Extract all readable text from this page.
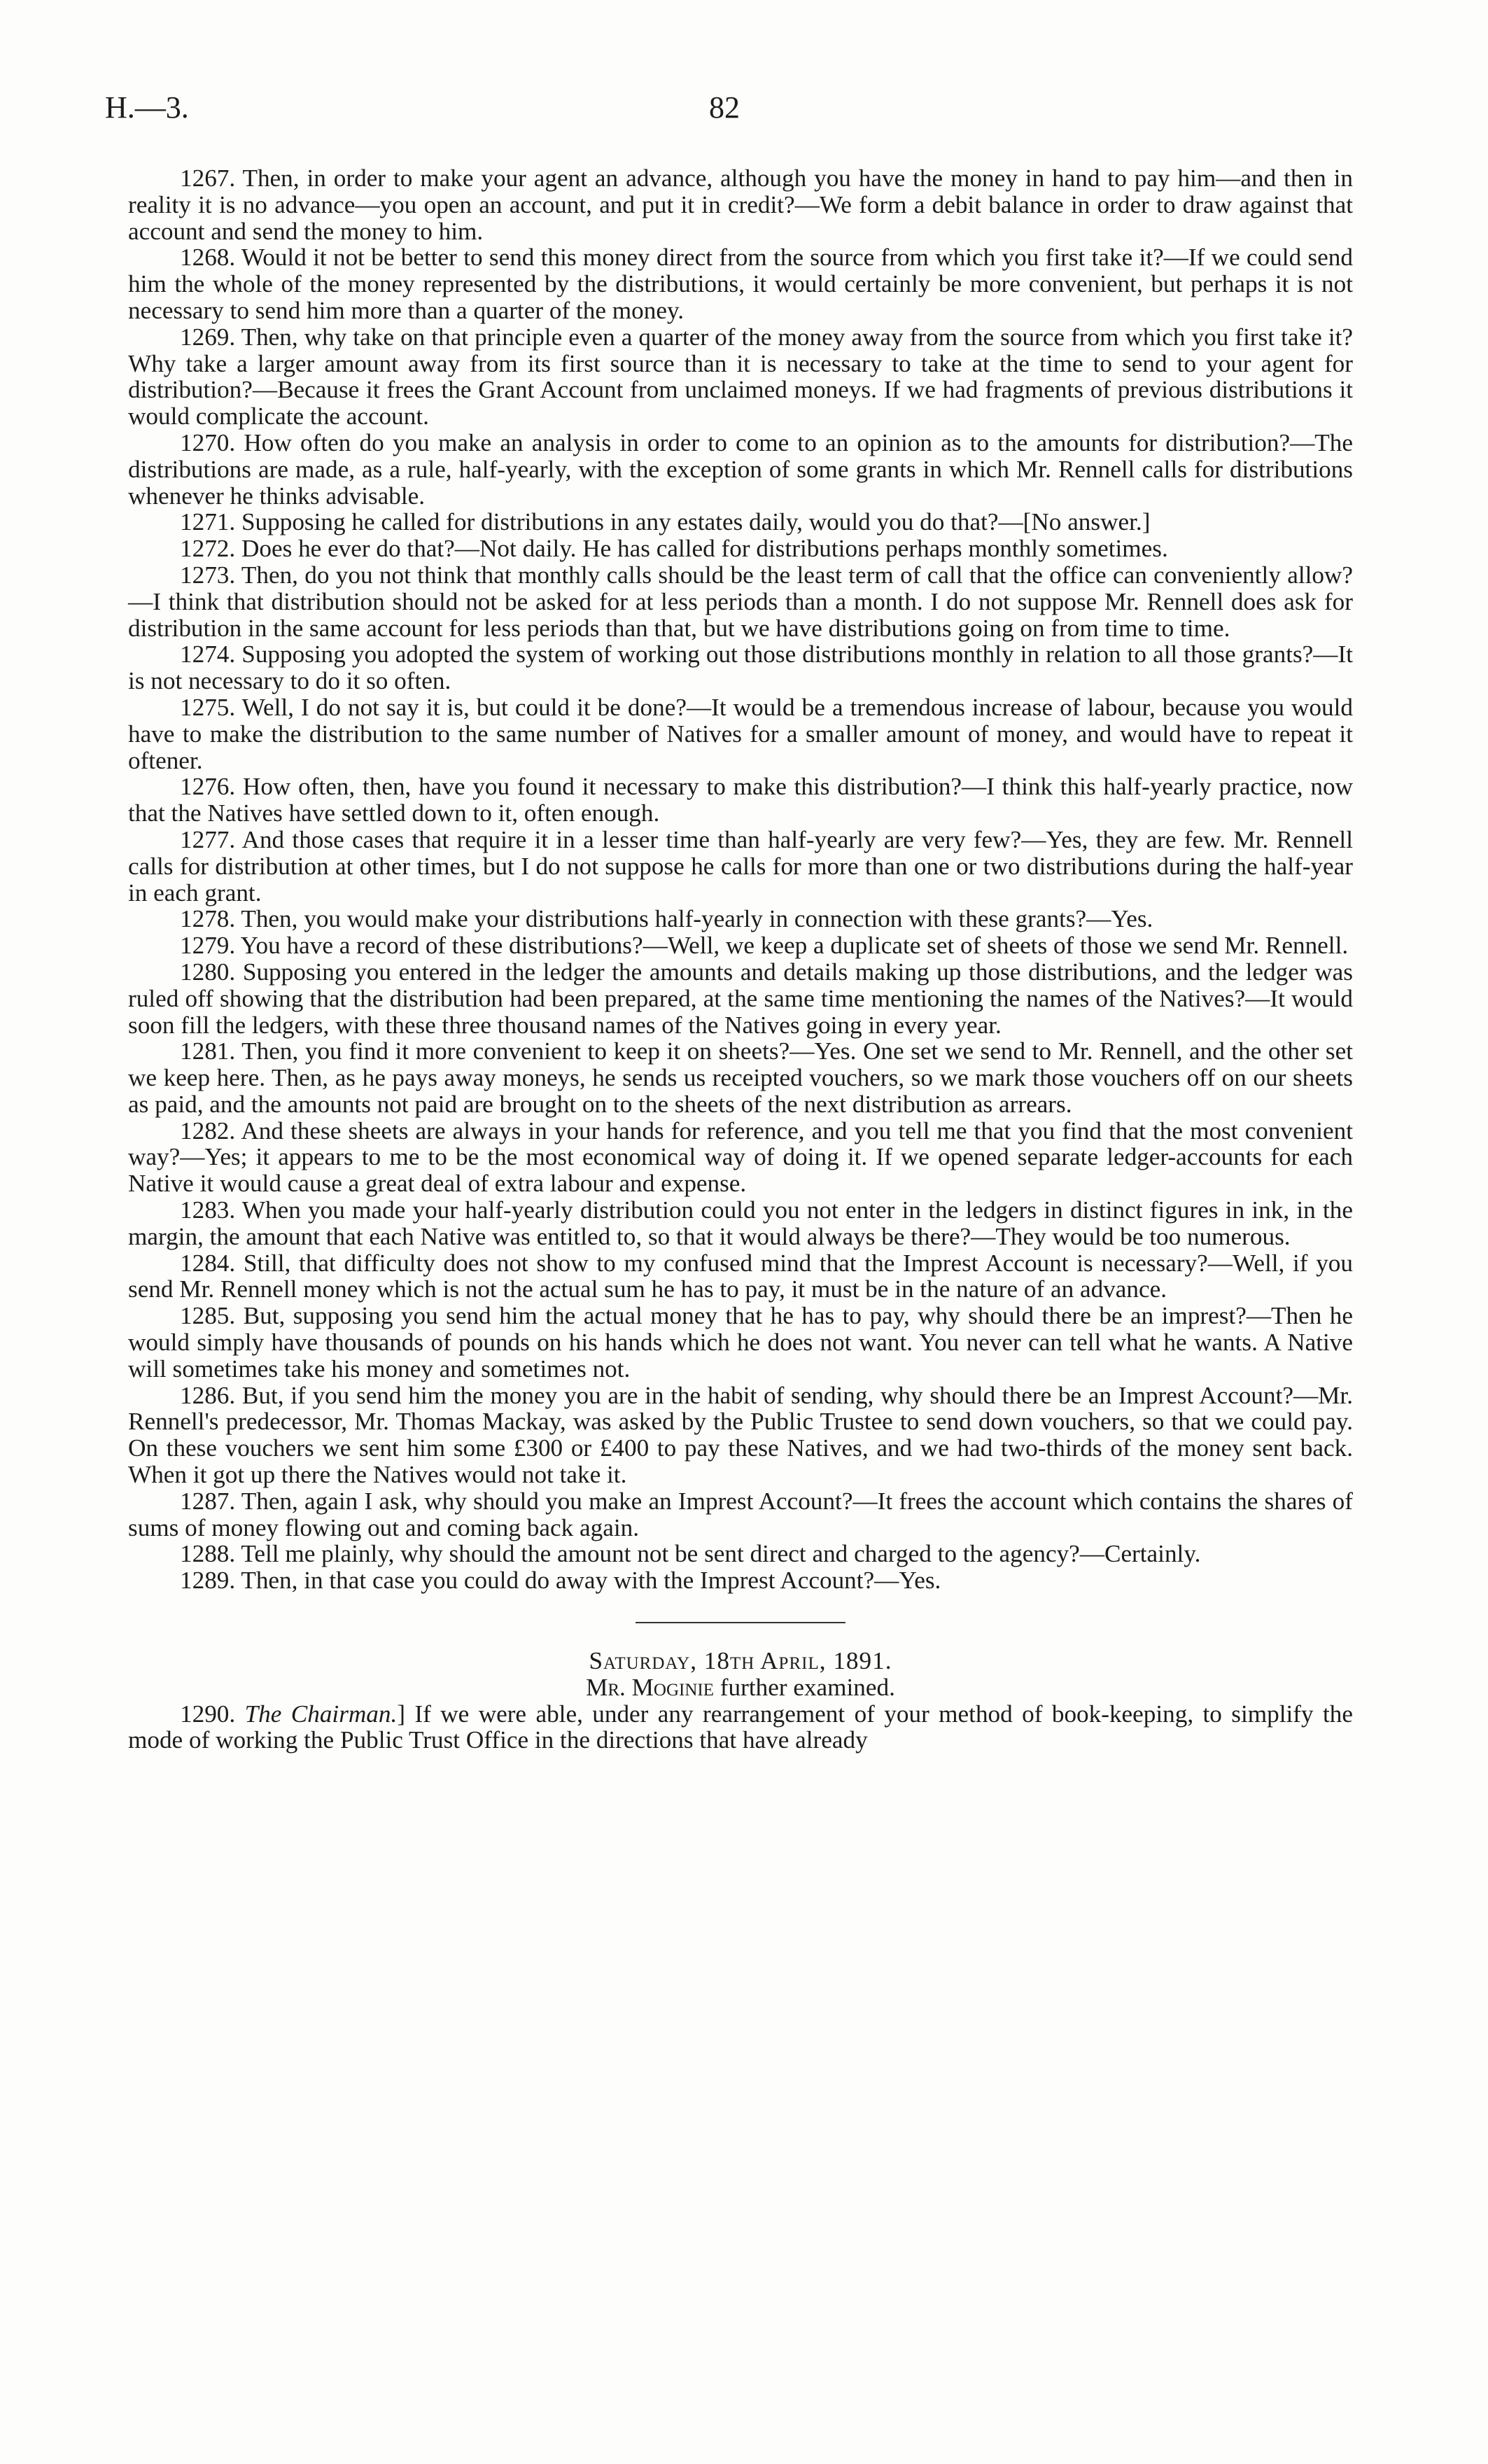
H.—3.	82

1267. Then, in order to make your agent an advance, although you have the money in hand to pay him—and then in reality it is no advance—you open an account, and put it in credit?—We form a debit balance in order to draw against that account and send the money to him.

1268. Would it not be better to send this money direct from the source from which you first take it?—If we could send him the whole of the money represented by the distributions, it would certainly be more convenient, but perhaps it is not necessary to send him more than a quarter of the money.

1269. Then, why take on that principle even a quarter of the money away from the source from which you first take it? Why take a larger amount away from its first source than it is necessary to take at the time to send to your agent for distribution?—Because it frees the Grant Account from unclaimed moneys. If we had fragments of previous distributions it would complicate the account.

1270. How often do you make an analysis in order to come to an opinion as to the amounts for distribution?—The distributions are made, as a rule, half-yearly, with the exception of some grants in which Mr. Rennell calls for distributions whenever he thinks advisable.

1271. Supposing he called for distributions in any estates daily, would you do that?—[No answer.]

1272. Does he ever do that?—Not daily. He has called for distributions perhaps monthly sometimes.

1273. Then, do you not think that monthly calls should be the least term of call that the office can conveniently allow?—I think that distribution should not be asked for at less periods than a month. I do not suppose Mr. Rennell does ask for distribution in the same account for less periods than that, but we have distributions going on from time to time.

1274. Supposing you adopted the system of working out those distributions monthly in relation to all those grants?—It is not necessary to do it so often.

1275. Well, I do not say it is, but could it be done?—It would be a tremendous increase of labour, because you would have to make the distribution to the same number of Natives for a smaller amount of money, and would have to repeat it oftener.

1276. How often, then, have you found it necessary to make this distribution?—I think this half-yearly practice, now that the Natives have settled down to it, often enough.

1277. And those cases that require it in a lesser time than half-yearly are very few?—Yes, they are few. Mr. Rennell calls for distribution at other times, but I do not suppose he calls for more than one or two distributions during the half-year in each grant.

1278. Then, you would make your distributions half-yearly in connection with these grants?—Yes.

1279. You have a record of these distributions?—Well, we keep a duplicate set of sheets of those we send Mr. Rennell.

1280. Supposing you entered in the ledger the amounts and details making up those distributions, and the ledger was ruled off showing that the distribution had been prepared, at the same time mentioning the names of the Natives?—It would soon fill the ledgers, with these three thousand names of the Natives going in every year.

1281. Then, you find it more convenient to keep it on sheets?—Yes. One set we send to Mr. Rennell, and the other set we keep here. Then, as he pays away moneys, he sends us receipted vouchers, so we mark those vouchers off on our sheets as paid, and the amounts not paid are brought on to the sheets of the next distribution as arrears.

1282. And these sheets are always in your hands for reference, and you tell me that you find that the most convenient way?—Yes; it appears to me to be the most economical way of doing it. If we opened separate ledger-accounts for each Native it would cause a great deal of extra labour and expense.

1283. When you made your half-yearly distribution could you not enter in the ledgers in distinct figures in ink, in the margin, the amount that each Native was entitled to, so that it would always be there?—They would be too numerous.

1284. Still, that difficulty does not show to my confused mind that the Imprest Account is necessary?—Well, if you send Mr. Rennell money which is not the actual sum he has to pay, it must be in the nature of an advance.

1285. But, supposing you send him the actual money that he has to pay, why should there be an imprest?—Then he would simply have thousands of pounds on his hands which he does not want. You never can tell what he wants. A Native will sometimes take his money and sometimes not.

1286. But, if you send him the money you are in the habit of sending, why should there be an Imprest Account?—Mr. Rennell's predecessor, Mr. Thomas Mackay, was asked by the Public Trustee to send down vouchers, so that we could pay. On these vouchers we sent him some £300 or £400 to pay these Natives, and we had two-thirds of the money sent back. When it got up there the Natives would not take it.

1287. Then, again I ask, why should you make an Imprest Account?—It frees the account which contains the shares of sums of money flowing out and coming back again.

1288. Tell me plainly, why should the amount not be sent direct and charged to the agency?—Certainly.

1289. Then, in that case you could do away with the Imprest Account?—Yes.

Saturday, 18th April, 1891.

Mr. Moginie further examined.

1290. The Chairman.] If we were able, under any rearrangement of your method of book-keeping, to simplify the mode of working the Public Trust Office in the directions that have already
